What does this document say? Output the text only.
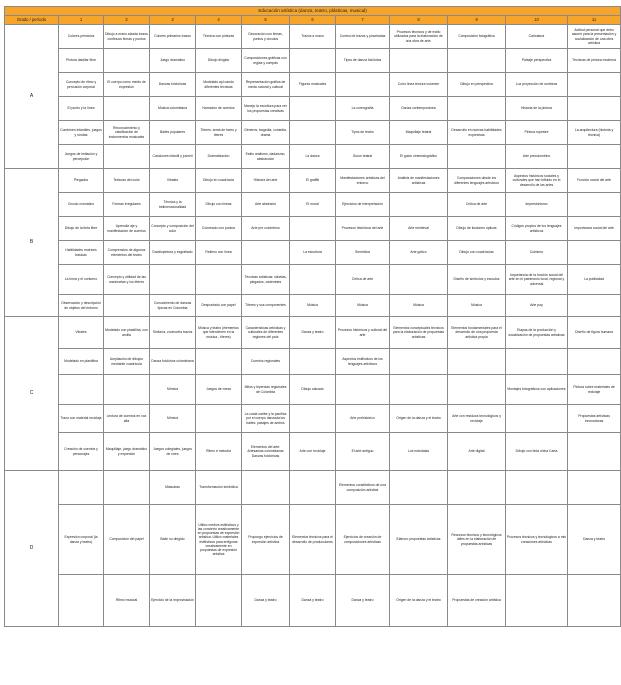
Educación artística (danza, teatro, plásticas, musical)											
Grado / período	1	2	3	4	5	6	7	8	9	10	11
A	Colores primarios	Dibujo a mano alzada trazos continuos lineas y puntos	Colores primarios trazos	Técnica con pinturas	Decoración con lineas, puntos y circulos	Trazos a mano	Control de trazos y pinceladas	Procesos técnicos y de estilo utilizados para la elaboración de una obra de arte.	Composición fotográfica	Caricatura	Actitud personal que debo asumir para la presentación y socialización de una obra artística
	Pintura dactilar libre		Juego dramático	Dibujo dirigido	Composiciones gráficas con reglas y compás		Tipos de danza folclórica			Paisaje perspectiva	Técnicas de pintura moderna
	Concepto de ritmo y percusión corporal	El cuerpo como medio de expresión	Danzas folclóricas	Modelado apl cando diferentes técnicas	Representación gráfica de medio natural y cultural	Figuras musicales		Color línea textura volumen	Dibujo en perspectiva	Luz proyección de sombras	
	El punto y la línea		Música colombiana	Narración de cuentos	Manejo la escultura para ver los propuestas creativas		La coreografía	Danza contemporánea		Historia de la pintura	
	Combinen infantiles, juegos y rondas	Reconocimiento y clasificación de instrumentos musicales	Bailes populares	Títeres: arma de barro y títeres	Géneros: tragedia, comedia, drama		Tipos de teatro	Maquillaje teatral	Desarrollo en nuevas habilidades expresivas	Pintura rupestre	La arquitectura (historia y técnica)
	Juegos de imitación y percepción		Canciones infantil y juvenil	Dramatización	Estilo realismo, dadaísmo, abstracción	La danza	Guion teatral	El guión cinematográfico		Arte precolombino	
B	Plegados	Texturas del color	Vitrales	Dibujo en cuadrícula	Historia del arte	El graffiti	Manifestaciones artísticas del entorno	Análisis de manifestaciones artísticas	Comparaciones desde los diferentes lenguajes artísticos	Aspectos históricos sociales y culturales que han influido en el desarrollo de las artes	Función social del arte
	Circulo cromático	Formas irregulares	Técnica y la tridimensionalidad	Dibujo con líneas	Arte abstracto	El mural	Ejercicios de interpretación		Crítica de arte	Impresionismo	
	Dibujo de la tinta libre	Aprendiz aje y manifestación de cuentos	Concepto y composición del color	Coloreado con puntos	Arte pre colombino		Procesos históricos del arte	Arte medieval	Dibujo de ilusiones ópticas	Códigos propios de los lenguajes artísticos	Importancia social del arte
	Habilidades motrices básicas	Comprensión de algunos elementos del teatro	Dactilopintura y esgrafiado	Relleno con línea		La escultura	Semiótica	Arte gótico	Dibujo con cuadrículas	Cubismo	
	La línea y el contorno	Concepto y utilidad de las marionetas y los títeres			Técnicas artísticas: siluetas, plegados, cadenetas		Crítica de arte		Diseño de símbolos y escudos	Importancia de la función social del arte en el patrimonio local, regional y universal	La publicidad
	Observación y descripción de objetos del entorno		Conocimiento de danzas típicas en Colombia	Despuntado con papel	Títeres y sus componentes	Música	Música	Música	Música	Arte pop	
C	Vitrales	Modelado con plastilina, con arcilla	Sinfonía, zoomorfía trazos	Música y teatro (elementos que intervienen en la música - títeres)	Características artísticas y culturales de diferentes regiones del país	Danza y teatro	Procesos históricos y cultural del arte	Elementos conceptuales técnicos para la elaboración de propuestas artísticas	Elementos fundamentales para el desarrollo de una propuesta artística propia	Etapas de la producción y socialización de propuestas artísticas	Diseño de figura humana
	Modelado en plastilina	Ampliación de dibujos mediante cuadrícula	Danza folclórica colombiana		Cuentos regionales		Aspectos estilísticos de los lenguajes artísticos				
			Mímica	Juegos de mesa	Mitos y leyendas regionales de Colombia	Dibujo calcado				Montajes fotográficos con aplicaciones	Pintura sobre materiales de reciclaje
	Trazo con material reciclaje	Lectura de cuentos en voz alta	Mímica		La costa caribe y la pacífica por el cuerpo danzada los bailes: pasajes de ambos		Arte prehistórico	Origen de la danza y el teatro	Arte con residuos tecnológicos y reciclaje		Propuestas artísticas innovadoras
	Creación de cuentos y personajes	Maquillaje, juego dramático y expresión	Juegos colegiales, juegos de roles	Ritmo e melodía	Elementos del arte: Artesanías colombianas Danzas folclóricas	Arte con reciclaje	El arte antiguo	Los mándalas	Arte digital	Dibujo con tinta china Carta	
D			Máscaras	Transformación simbólica			Elementos constitutivos de una composición artística				
	Expresión corporal (la danza y teatro)	Composición del papel	Baile no dirigido	Utilizo medios estilísticos y las convierto creativamente en propuestas de expresión artística. Utilizo materiales estilísticos para enfiguras creativamente en propuestas de expresión artística	Propongo ejercicios de expresión artística	Elementos técnicos para el desarrollo de producciones	Ejercicios de creación de composiciones artísticas	Elaboro propuestas artísticas	Recursos técnicos y tecnológicos útiles en la elaboración de propuestas artísticas	Procesos técnicos y tecnológicos a mis creaciones artísticas	Danza y teatro
		Ritmo musical	Ejercicio de la improvisación		Danza y teatro	Danza y teatro	Danza y teatro	Origen de la danza y el teatro	Propuestas de creación artística		
